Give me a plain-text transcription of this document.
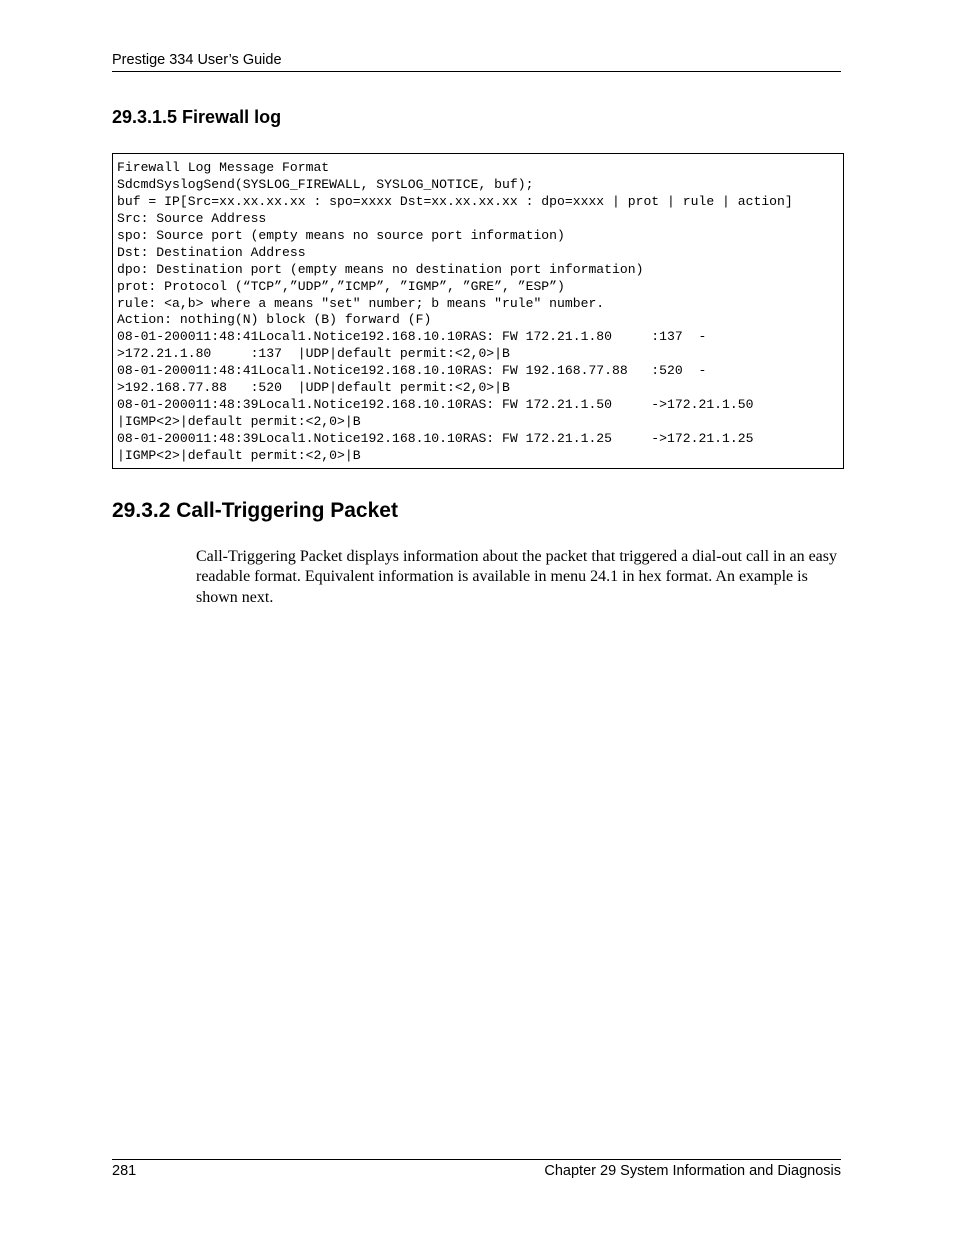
Prestige 334 User’s Guide
29.3.1.5 Firewall log
Firewall Log Message Format
SdcmdSyslogSend(SYSLOG_FIREWALL, SYSLOG_NOTICE, buf);
buf = IP[Src=xx.xx.xx.xx : spo=xxxx Dst=xx.xx.xx.xx : dpo=xxxx | prot | rule | action]
Src: Source Address
spo: Source port (empty means no source port information)
Dst: Destination Address
dpo: Destination port (empty means no destination port information)
prot: Protocol (“TCP”,”UDP”,”ICMP”, ”IGMP”, ”GRE”, ”ESP”)
rule: <a,b> where a means "set" number; b means "rule" number.
Action: nothing(N) block (B) forward (F)
08-01-200011:48:41Local1.Notice192.168.10.10RAS: FW 172.21.1.80     :137  -
>172.21.1.80     :137  |UDP|default permit:<2,0>|B
08-01-200011:48:41Local1.Notice192.168.10.10RAS: FW 192.168.77.88   :520  -
>192.168.77.88   :520  |UDP|default permit:<2,0>|B
08-01-200011:48:39Local1.Notice192.168.10.10RAS: FW 172.21.1.50     ->172.21.1.50
|IGMP<2>|default permit:<2,0>|B
08-01-200011:48:39Local1.Notice192.168.10.10RAS: FW 172.21.1.25     ->172.21.1.25
|IGMP<2>|default permit:<2,0>|B
29.3.2 Call-Triggering Packet

Call-Triggering Packet displays information about the packet that triggered a dial-out call in an easy readable format. Equivalent information is available in menu 24.1 in hex format. An example is shown next.

281	Chapter 29 System Information and Diagnosis
